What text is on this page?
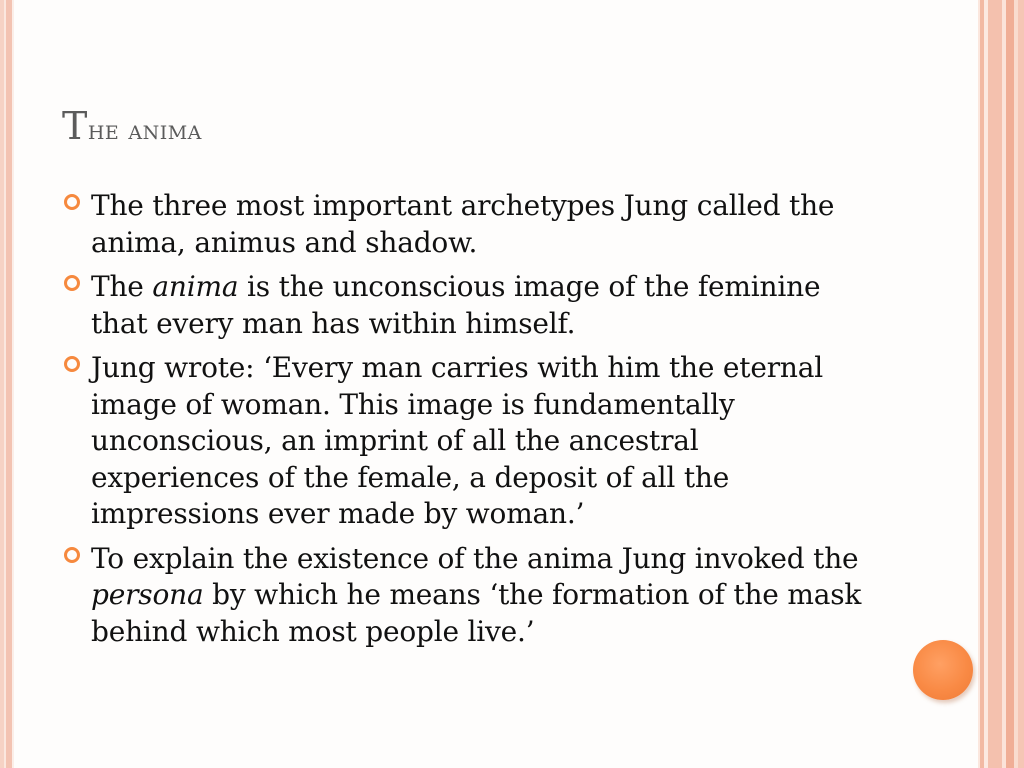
The anima
The three most important archetypes Jung called the anima, animus and shadow.
The anima is the unconscious image of the feminine that every man has within himself.
Jung wrote: ‘Every man carries with him the eternal image of woman. This image is fundamentally unconscious, an imprint of all the ancestral experiences of the female, a deposit of all the impressions ever made by woman.’
To explain the existence of the anima Jung invoked the persona by which he means ‘the formation of the mask behind which most people live.’
